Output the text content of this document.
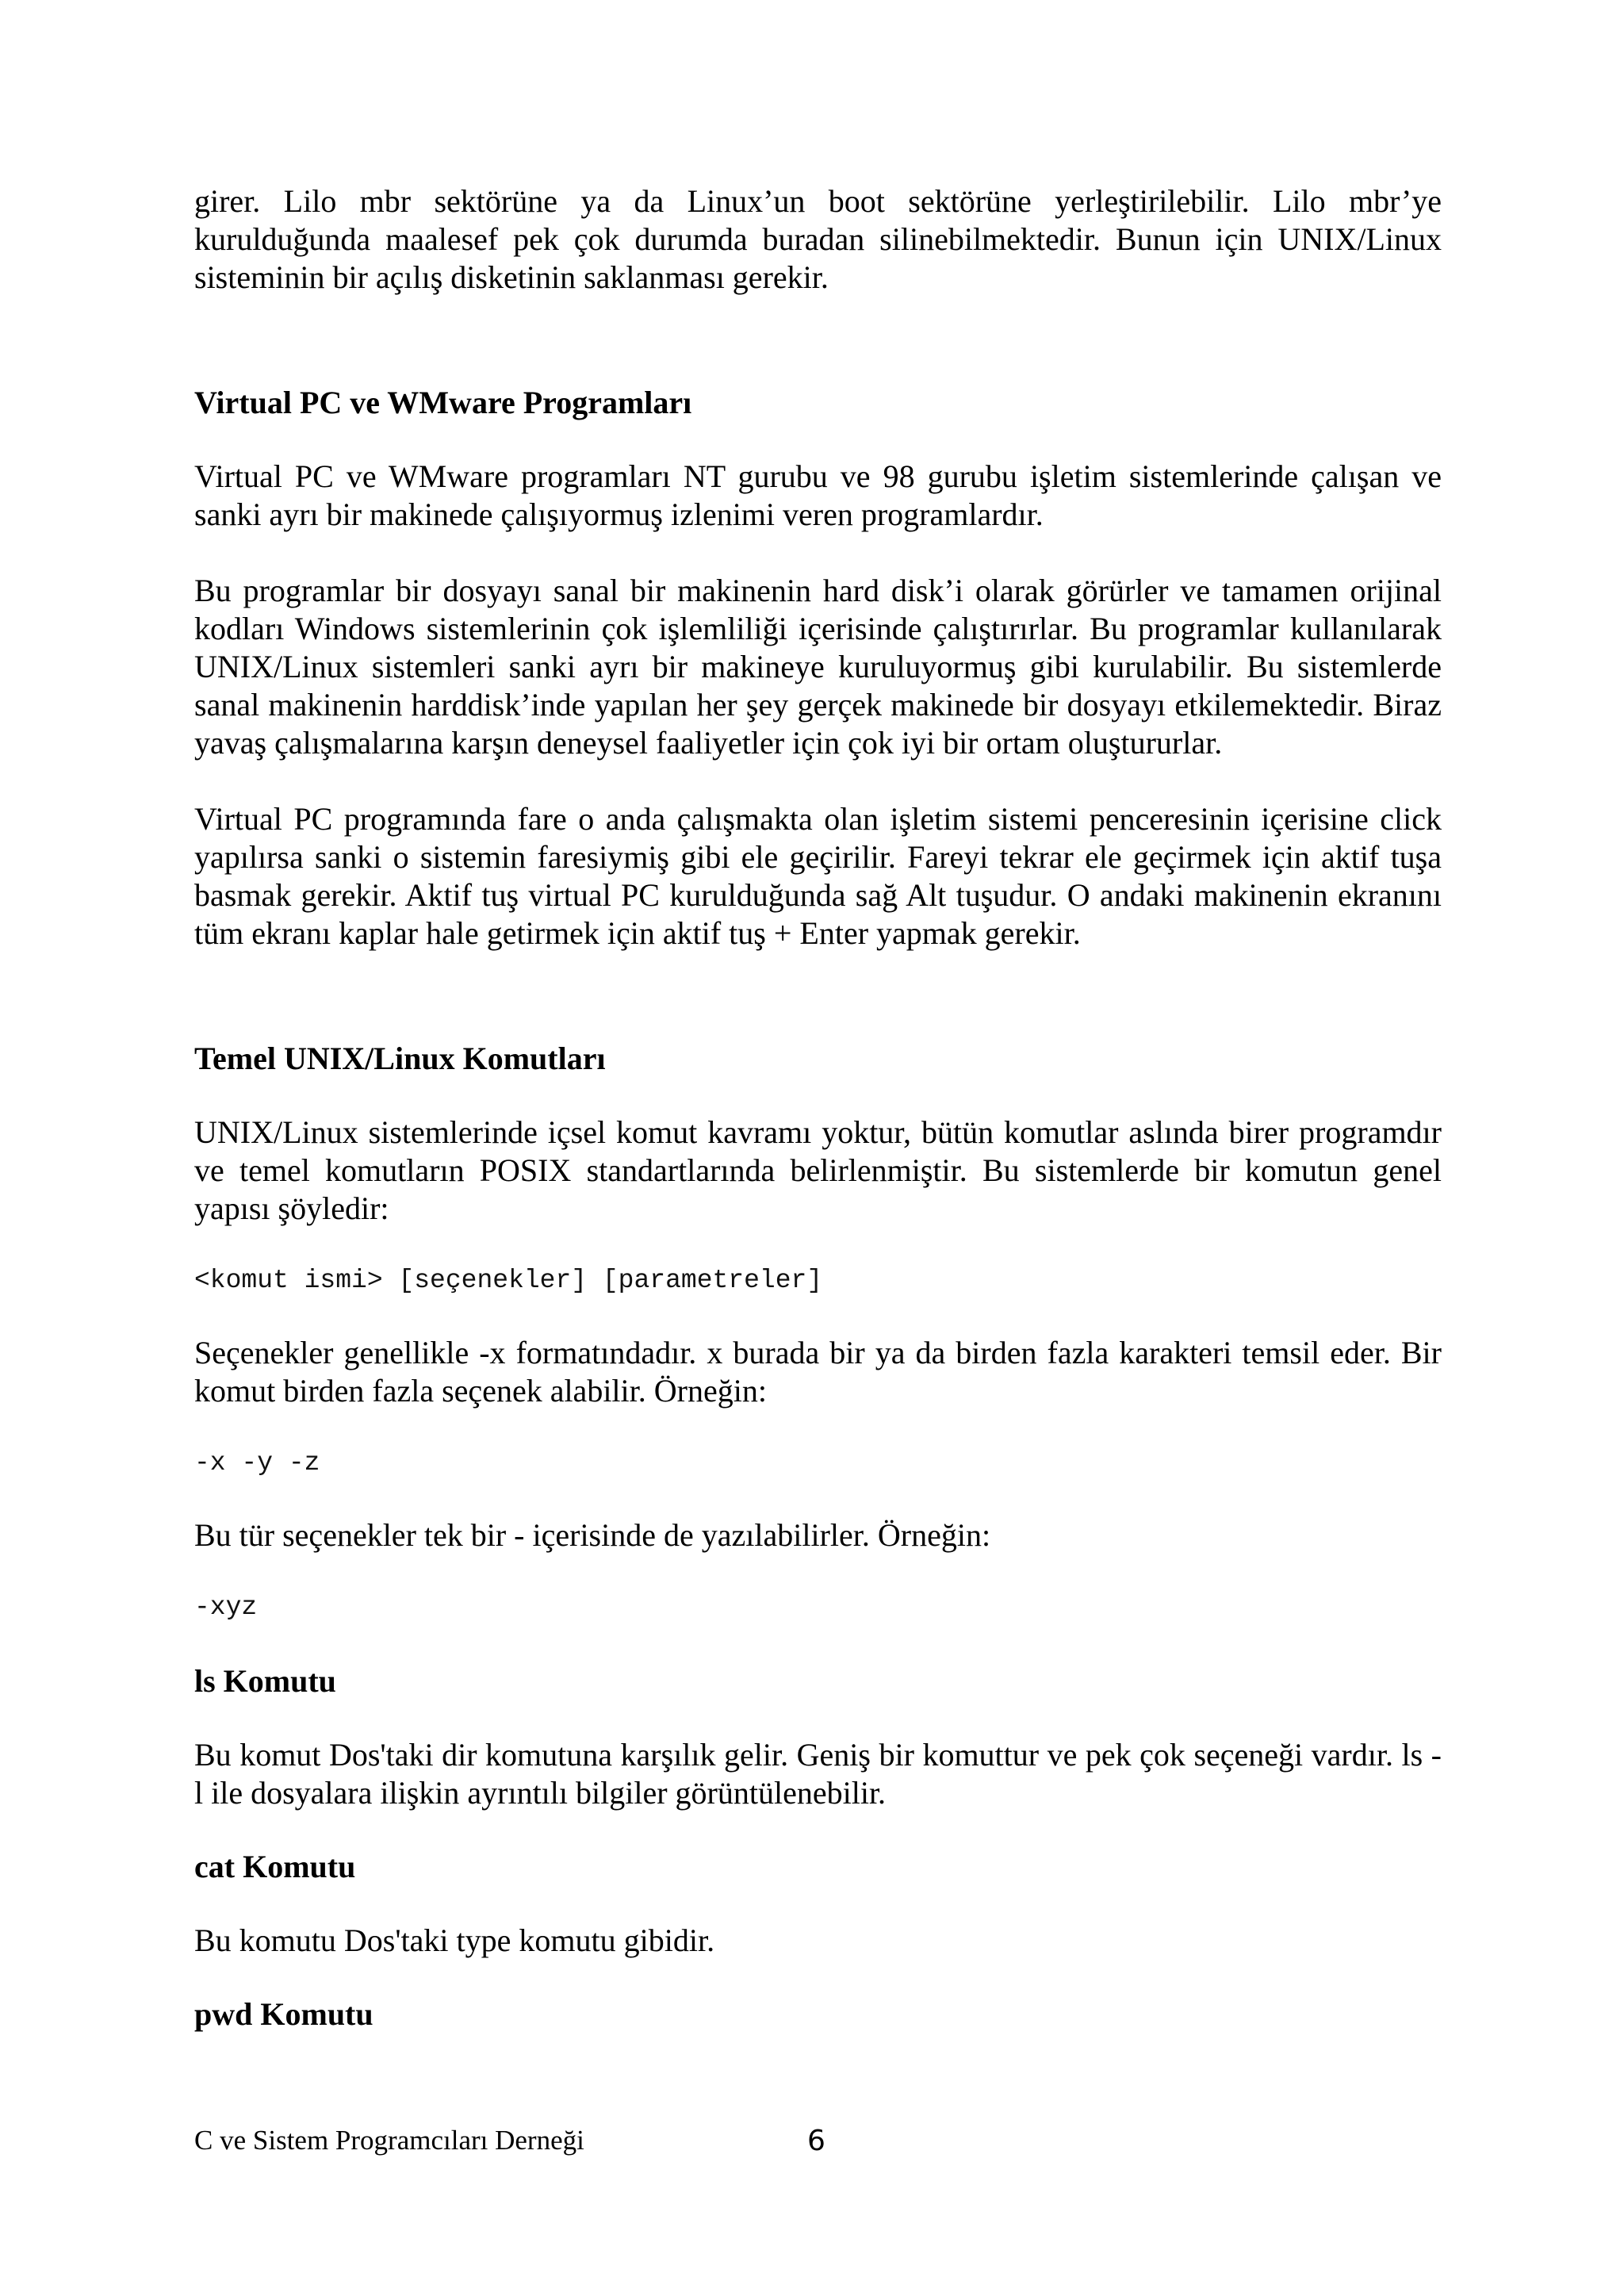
girer. Lilo mbr sektörüne ya da Linux’un boot sektörüne yerleştirilebilir. Lilo mbr’ye kurulduğunda maalesef pek çok durumda buradan silinebilmektedir. Bunun için UNIX/Linux sisteminin bir açılış disketinin saklanması gerekir.

Virtual PC ve WMware Programları

Virtual PC ve WMware programları NT gurubu ve 98 gurubu işletim sistemlerinde çalışan ve sanki ayrı bir makinede çalışıyormuş izlenimi veren programlardır.

Bu programlar bir dosyayı sanal bir makinenin hard disk’i olarak görürler ve tamamen orijinal kodları Windows sistemlerinin çok işlemliliği içerisinde çalıştırırlar. Bu programlar kullanılarak UNIX/Linux sistemleri sanki ayrı bir makineye kuruluyormuş gibi kurulabilir. Bu sistemlerde sanal makinenin harddisk’inde yapılan her şey gerçek makinede bir dosyayı etkilemektedir. Biraz yavaş çalışmalarına karşın deneysel faaliyetler için çok iyi bir ortam oluştururlar.

Virtual PC programında fare o anda çalışmakta olan işletim sistemi penceresinin içerisine click yapılırsa sanki o sistemin faresiymiş gibi ele geçirilir. Fareyi tekrar ele geçirmek için aktif tuşa basmak gerekir. Aktif tuş virtual PC kurulduğunda sağ Alt tuşudur. O andaki makinenin ekranını tüm ekranı kaplar hale getirmek için aktif tuş + Enter yapmak gerekir.

Temel UNIX/Linux Komutları

UNIX/Linux sistemlerinde içsel komut kavramı yoktur, bütün komutlar aslında birer programdır ve temel komutların POSIX standartlarında belirlenmiştir. Bu sistemlerde bir komutun genel yapısı şöyledir:

<komut ismi> [seçenekler] [parametreler]

Seçenekler genellikle -x formatındadır. x burada bir ya da birden fazla karakteri temsil eder. Bir komut birden fazla seçenek alabilir. Örneğin:

-x -y -z

Bu tür seçenekler tek bir - içerisinde de yazılabilirler. Örneğin:

-xyz
ls Komutu

Bu komut Dos'taki dir komutuna karşılık gelir. Geniş bir komuttur ve pek çok seçeneği vardır. ls -l ile dosyalara ilişkin ayrıntılı bilgiler görüntülenebilir.

cat Komutu

Bu komutu Dos'taki type komutu gibidir.

pwd Komutu
C ve Sistem Programcıları Derneği	6
